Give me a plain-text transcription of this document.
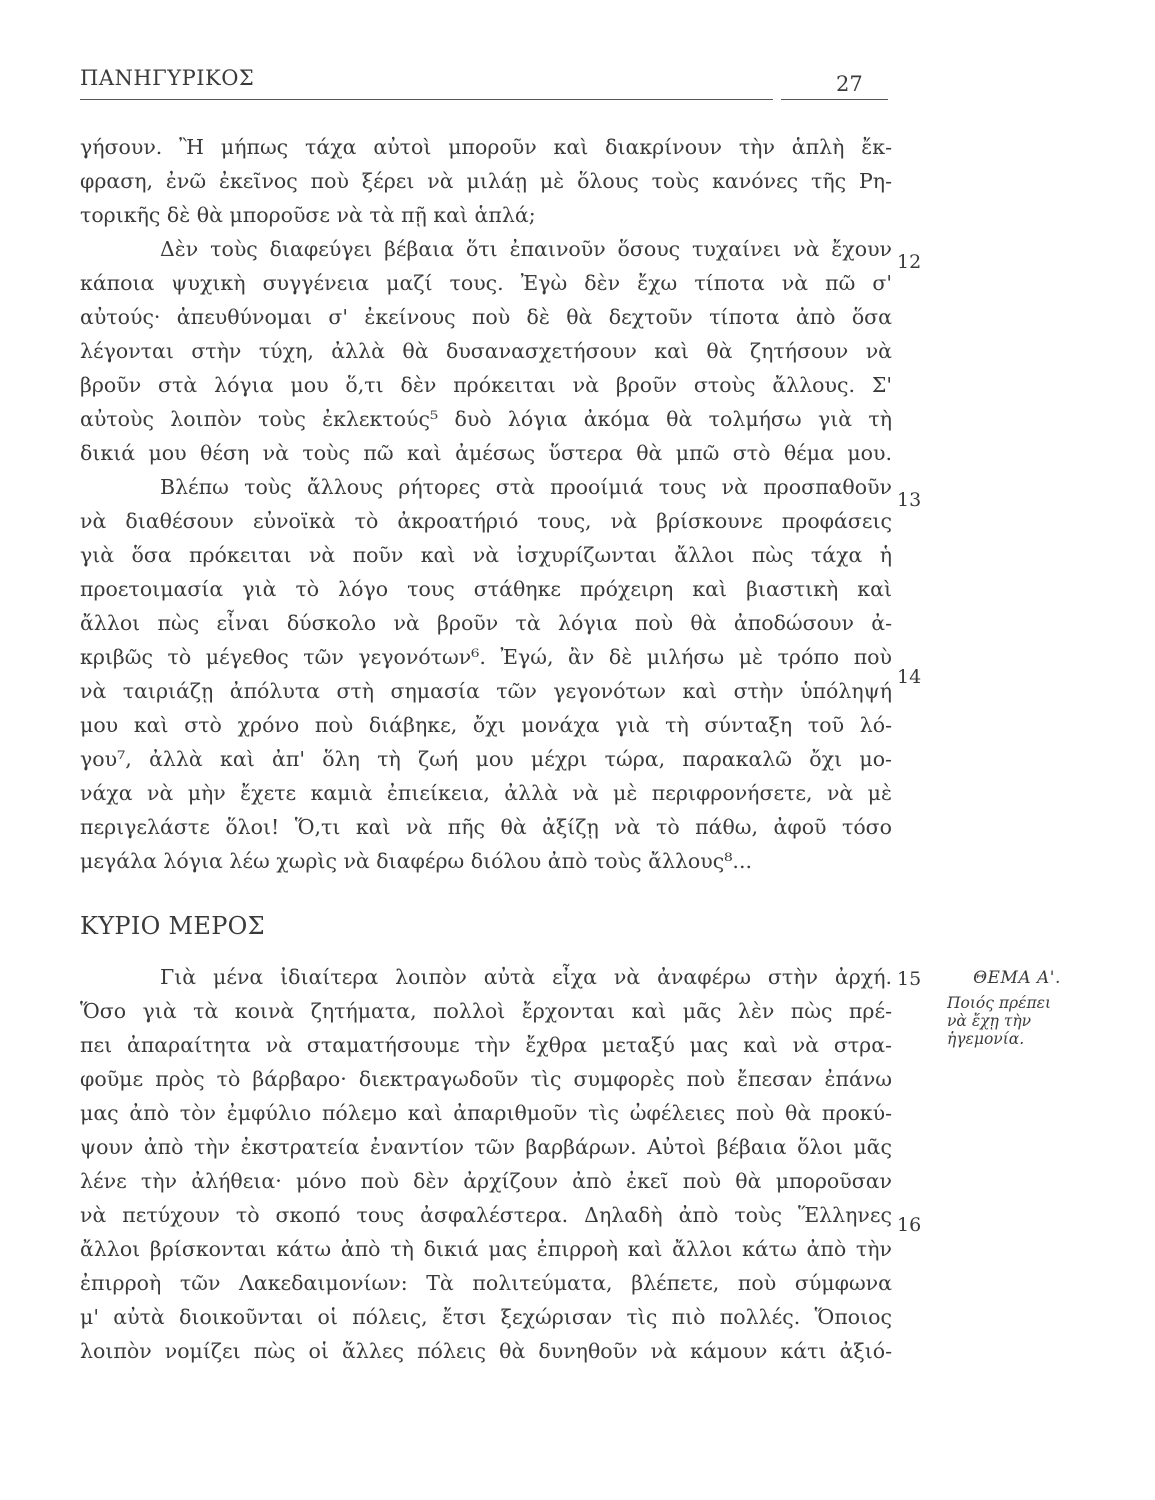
ΠΑΝΗΓΥΡΙΚΟΣ	27
γήσουν. Ἢ μήπως τάχα αὐτοὶ μποροῦν καὶ διακρίνουν τὴν ἁπλὴ ἔκ-
φραση, ἐνῶ ἐκεῖνος ποὺ ξέρει νὰ μιλάῃ μὲ ὅλους τοὺς κανόνες τῆς Ρη-
τορικῆς δὲ θὰ μποροῦσε νὰ τὰ πῇ καὶ ἁπλά;
Δὲν τοὺς διαφεύγει βέβαια ὅτι ἐπαινοῦν ὅσους τυχαίνει νὰ ἔχουν
κάποια ψυχικὴ συγγένεια μαζί τους. Ἐγὼ δὲν ἔχω τίποτα νὰ πῶ σ'
αὐτούς· ἀπευθύνομαι σ' ἐκείνους ποὺ δὲ θὰ δεχτοῦν τίποτα ἀπὸ ὅσα
λέγονται στὴν τύχη, ἀλλὰ θὰ δυσανασχετήσουν καὶ θὰ ζητήσουν νὰ
βροῦν στὰ λόγια μου ὅ,τι δὲν πρόκειται νὰ βροῦν στοὺς ἄλλους. Σ'
αὐτοὺς λοιπὸν τοὺς ἐκλεκτούς⁵ δυὸ λόγια ἀκόμα θὰ τολμήσω γιὰ τὴ
δικιά μου θέση νὰ τοὺς πῶ καὶ ἀμέσως ὕστερα θὰ μπῶ στὸ θέμα μου.
Βλέπω τοὺς ἄλλους ρήτορες στὰ προοίμιά τους νὰ προσπαθοῦν
νὰ διαθέσουν εὐνοϊκὰ τὸ ἀκροατήριό τους, νὰ βρίσκουνε προφάσεις
γιὰ ὅσα πρόκειται νὰ ποῦν καὶ νὰ ἰσχυρίζωνται ἄλλοι πὼς τάχα ἡ
προετοιμασία γιὰ τὸ λόγο τους στάθηκε πρόχειρη καὶ βιαστικὴ καὶ
ἄλλοι πὼς εἶναι δύσκολο νὰ βροῦν τὰ λόγια ποὺ θὰ ἀποδώσουν ἀ-
κριβῶς τὸ μέγεθος τῶν γεγονότων⁶. Ἐγώ, ἂν δὲ μιλήσω μὲ τρόπο ποὺ
νὰ ταιριάζῃ ἀπόλυτα στὴ σημασία τῶν γεγονότων καὶ στὴν ὑπόληψή
μου καὶ στὸ χρόνο ποὺ διάβηκε, ὄχι μονάχα γιὰ τὴ σύνταξη τοῦ λό-
γου⁷, ἀλλὰ καὶ ἀπ' ὅλη τὴ ζωή μου μέχρι τώρα, παρακαλῶ ὄχι μο-
νάχα νὰ μὴν ἔχετε καμιὰ ἐπιείκεια, ἀλλὰ νὰ μὲ περιφρονήσετε, νὰ μὲ
περιγελάστε ὅλοι! Ὅ,τι καὶ νὰ πῆς θὰ ἀξίζῃ νὰ τὸ πάθω, ἀφοῦ τόσο
μεγάλα λόγια λέω χωρὶς νὰ διαφέρω διόλου ἀπὸ τοὺς ἄλλους⁸...
ΚΥΡΙΟ ΜΕΡΟΣ
Γιὰ μένα ἰδιαίτερα λοιπὸν αὐτὰ εἶχα νὰ ἀναφέρω στὴν ἀρχή.
Ὅσο γιὰ τὰ κοινὰ ζητήματα, πολλοὶ ἔρχονται καὶ μᾶς λὲν πὼς πρέ-
πει ἀπαραίτητα νὰ σταματήσουμε τὴν ἔχθρα μεταξύ μας καὶ νὰ στρα-
φοῦμε πρὸς τὸ βάρβαρο· διεκτραγωδοῦν τὶς συμφορὲς ποὺ ἔπεσαν ἐπάνω
μας ἀπὸ τὸν ἐμφύλιο πόλεμο καὶ ἀπαριθμοῦν τὶς ὠφέλειες ποὺ θὰ προκύ-
ψουν ἀπὸ τὴν ἐκστρατεία ἐναντίον τῶν βαρβάρων. Αὐτοὶ βέβαια ὅλοι μᾶς
λένε τὴν ἀλήθεια· μόνο ποὺ δὲν ἀρχίζουν ἀπὸ ἐκεῖ ποὺ θὰ μποροῦσαν
νὰ πετύχουν τὸ σκοπό τους ἀσφαλέστερα. Δηλαδὴ ἀπὸ τοὺς Ἕλληνες
ἄλλοι βρίσκονται κάτω ἀπὸ τὴ δικιά μας ἐπιρροὴ καὶ ἄλλοι κάτω ἀπὸ τὴν
ἐπιρροὴ τῶν Λακεδαιμονίων: Τὰ πολιτεύματα, βλέπετε, ποὺ σύμφωνα
μ' αὐτὰ διοικοῦνται οἱ πόλεις, ἔτσι ξεχώρισαν τὶς πιὸ πολλές. Ὅποιος
λοιπὸν νομίζει πὼς οἱ ἄλλες πόλεις θὰ δυνηθοῦν νὰ κάμουν κάτι ἀξιό-
12
13
14
15
16
ΘΕΜΑ Α'.
Ποιός πρέπει
νὰ ἔχῃ τὴν
ἡγεμονία.
